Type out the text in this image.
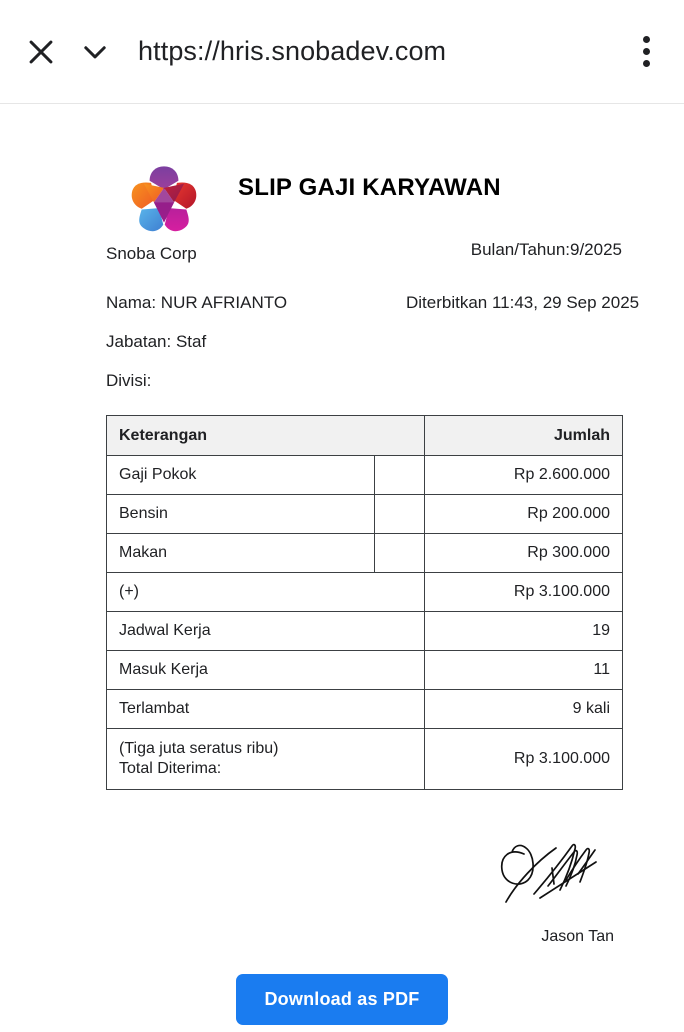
https://hris.snobadev.com
Snoba Corp
SLIP GAJI KARYAWAN
Bulan/Tahun:9/2025
Nama: NUR AFRIANTO	Diterbitkan 11:43, 29 Sep 2025
Jabatan: Staf
Divisi:
Keterangan		Jumlah
Gaji Pokok		Rp 2.600.000
Bensin		Rp 200.000
Makan		Rp 300.000
(+)		Rp 3.100.000
Jadwal Kerja		19
Masuk Kerja		11
Terlambat		9 kali

(Tiga juta seratus ribu)
Total Diterima:		Rp 3.100.000
Jason Tan
Download as PDF
